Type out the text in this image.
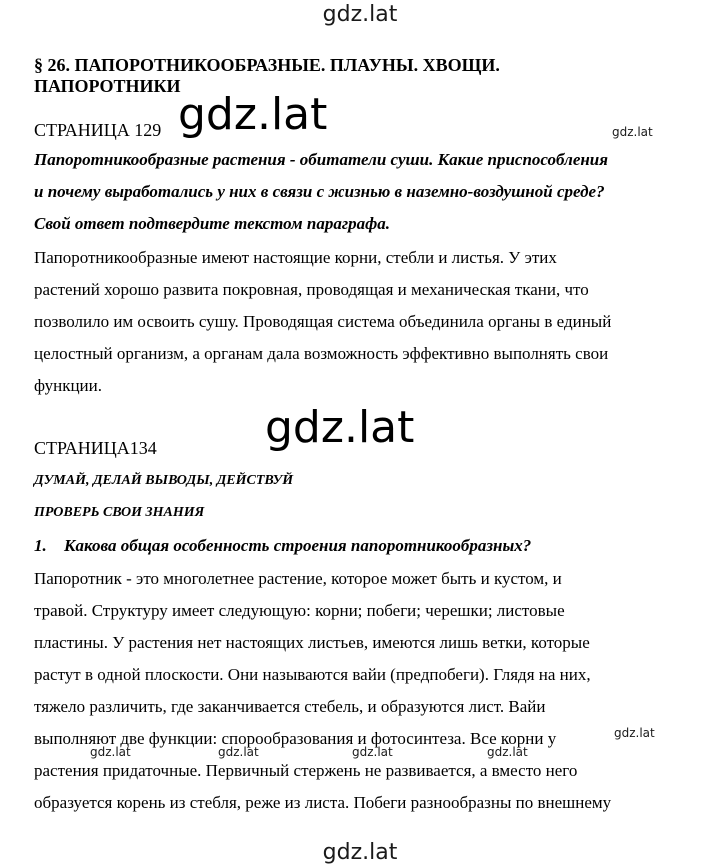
gdz.lat
§ 26. ПАПОРОТНИКООБРАЗНЫЕ. ПЛАУНЫ. ХВОЩИ.
ПАПОРОТНИКИ
СТРАНИЦА 129 gdz.lat	gdz.lat
Папоротникообразные растения - обитатели суши. Какие приспособления
и почему выработались у них в связи с жизнью в наземно-воздушной среде?
Свой ответ подтвердите текстом параграфа.
Папоротникообразные имеют настоящие корни, стебли и листья. У этих
растений хорошо развита покровная, проводящая и механическая ткани, что
позволило им освоить сушу. Проводящая система объединила органы в единый
целостный организм, а органам дала возможность эффективно выполнять свои
функции.
СТРАНИЦА134 gdz.lat
ДУМАЙ, ДЕЛАЙ ВЫВОДЫ, ДЕЙСТВУЙ
ПРОВЕРЬ СВОИ ЗНАНИЯ
1. Какова общая особенность строения папоротникообразных?
Папоротник - это многолетнее растение, которое может быть и кустом, и
травой. Структуру имеет следующую: корни; побеги; черешки; листовые
пластины. У растения нет настоящих листьев, имеются лишь ветки, которые
растут в одной плоскости. Они называются вайи (предпобеги). Глядя на них,
тяжело различить, где заканчивается стебель, и образуются лист. Вайи
выполняют две функции: спорообразования и фотосинтеза. Все корни у
растения придаточные. Первичный стержень не развивается, а вместо него
образуется корень из стебля, реже из листа. Побеги разнообразны по внешнему
gdz.lat
gdz.lat	gdz.lat	gdz.lat	gdz.lat
gdz.lat
